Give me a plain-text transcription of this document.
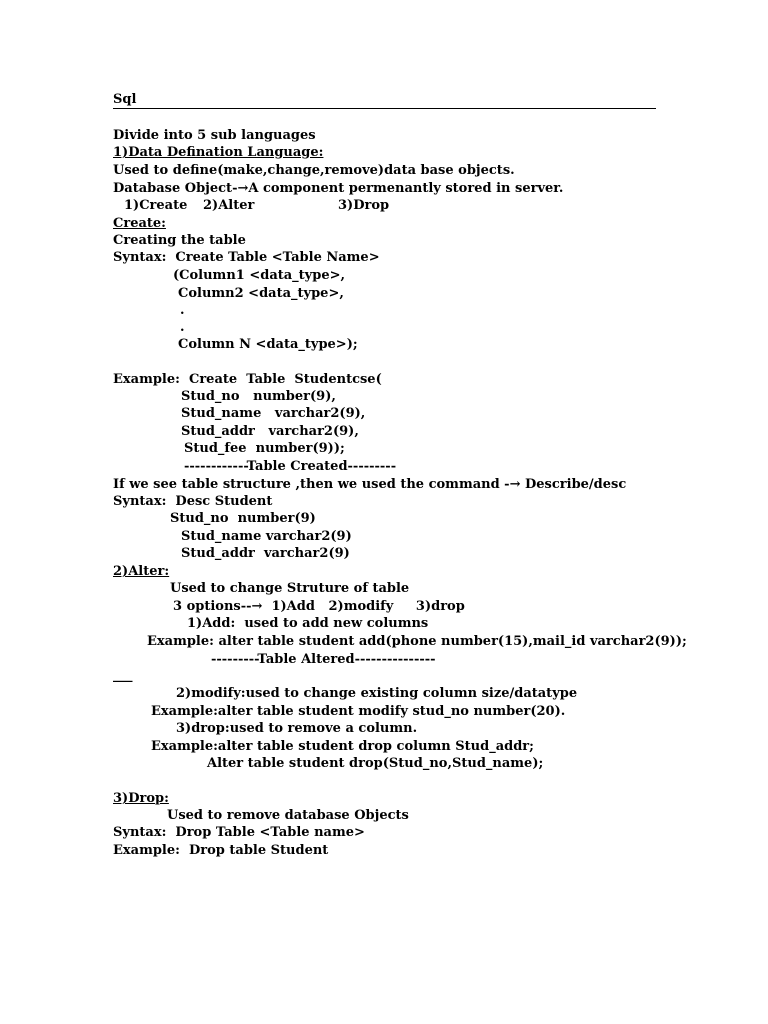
Sql
Divide into 5 sub languages
1)Data Defination Language:
Used to define(make,change,remove)data base objects.
Database Object-→A component permenantly stored in server.
1)Create 2)Alter	3)Drop
Create:
Creating the table
Syntax:  Create Table <Table Name>
(Column1 <data_type>,
Column2 <data_type>,
.
.
Column N <data_type>);
Example:  Create  Table  Studentcse(
Stud_no   number(9),
Stud_name   varchar2(9),
Stud_addr   varchar2(9),
Stud_fee  number(9));
------------Table Created---------
If we see table structure ,then we used the command -→ Describe/desc
Syntax:  Desc Student
Stud_no  number(9)
Stud_name varchar2(9)
Stud_addr  varchar2(9)
2)Alter:
Used to change Struture of table
3 options--→  1)Add   2)modify     3)drop
1)Add:  used to add new columns
Example: alter table student add(phone number(15),mail_id varchar2(9));
---------Table Altered---------------
___
2)modify:used to change existing column size/datatype
Example:alter table student modify stud_no number(20).
3)drop:used to remove a column.
Example:alter table student drop column Stud_addr;
Alter table student drop(Stud_no,Stud_name);
3)Drop:
Used to remove database Objects
Syntax:  Drop Table <Table name>
Example:  Drop table Student
